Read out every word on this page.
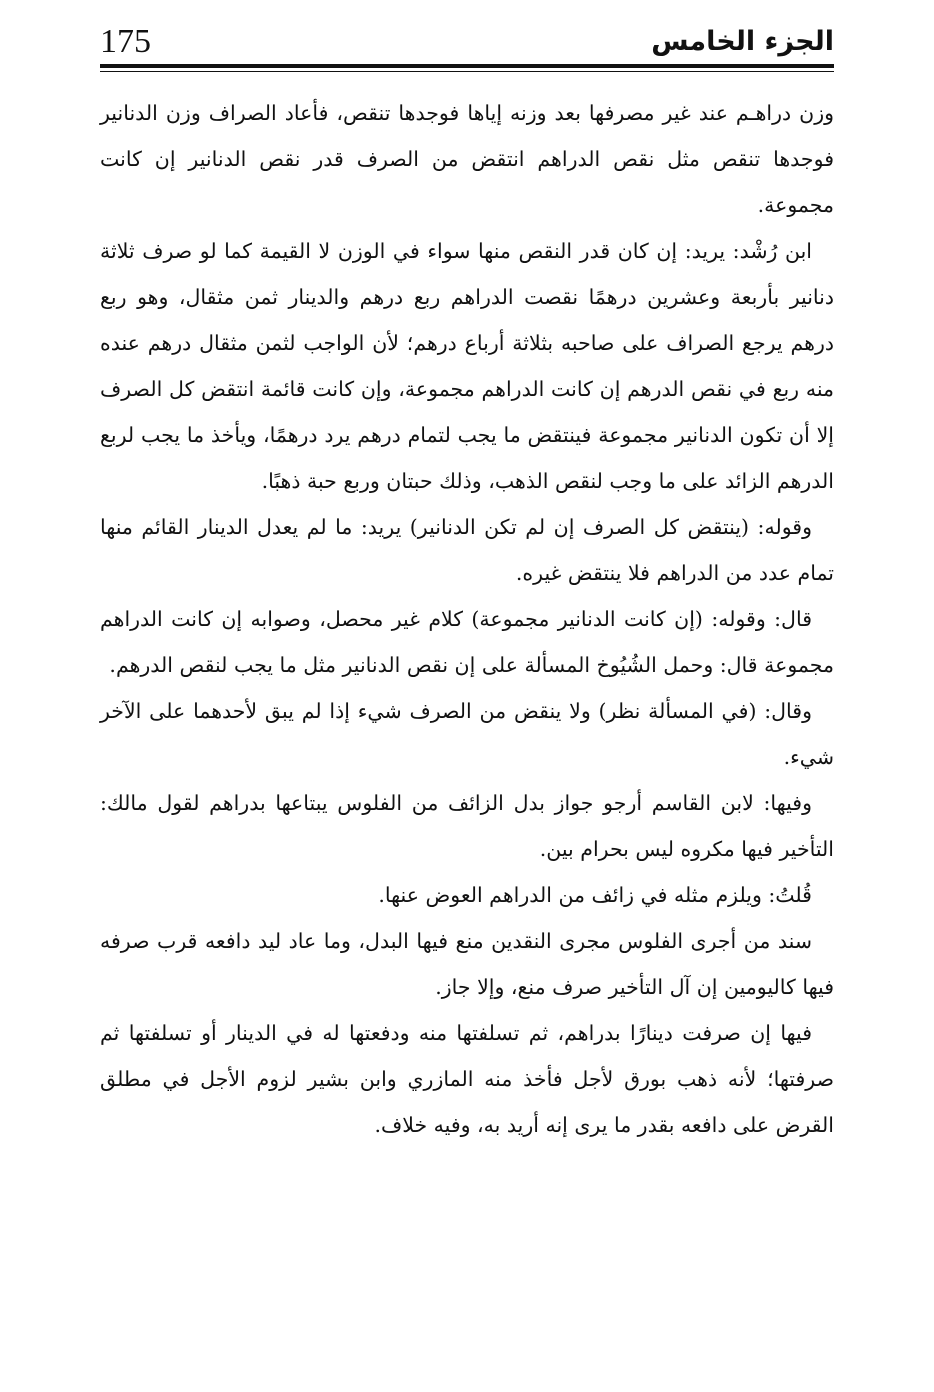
175	الجزء الخامس

وزن دراهـم عند غير مصرفها بعد وزنه إياها فوجدها تنقص، فأعاد الصراف وزن الدنانير فوجدها تنقص مثل نقص الدراهم انتقض من الصرف قدر نقص الدنانير إن كانت مجموعة.

ابن رُشْد: يريد: إن كان قدر النقص منها سواء في الوزن لا القيمة كما لو صرف ثلاثة دنانير بأربعة وعشرين درهمًا نقصت الدراهم ربع درهم والدينار ثمن مثقال، وهو ربع درهم يرجع الصراف على صاحبه بثلاثة أرباع درهم؛ لأن الواجب لثمن مثقال درهم عنده منه ربع في نقص الدرهم إن كانت الدراهم مجموعة، وإن كانت قائمة انتقض كل الصرف إلا أن تكون الدنانير مجموعة فينتقض ما يجب لتمام درهم يرد درهمًا، ويأخذ ما يجب لربع الدرهم الزائد على ما وجب لنقص الذهب، وذلك حبتان وربع حبة ذهبًا.

وقوله: (ينتقض كل الصرف إن لم تكن الدنانير) يريد: ما لم يعدل الدينار القائم منها تمام عدد من الدراهم فلا ينتقض غيره.

قال: وقوله: (إن كانت الدنانير مجموعة) كلام غير محصل، وصوابه إن كانت الدراهم مجموعة قال: وحمل الشُيُوخ المسألة على إن نقص الدنانير مثل ما يجب لنقص الدرهم.

وقال: (في المسألة نظر) ولا ينقض من الصرف شيء إذا لم يبق لأحدهما على الآخر شيء.

وفيها: لابن القاسم أرجو جواز بدل الزائف من الفلوس يبتاعها بدراهم لقول مالك: التأخير فيها مكروه ليس بحرام بين.

قُلتُ: ويلزم مثله في زائف من الدراهم العوض عنها.

سند من أجرى الفلوس مجرى النقدين منع فيها البدل، وما عاد ليد دافعه قرب صرفه فيها كاليومين إن آل التأخير صرف منع، وإلا جاز.

فيها إن صرفت دينارًا بدراهم، ثم تسلفتها منه ودفعتها له في الدينار أو تسلفتها ثم صرفتها؛ لأنه ذهب بورق لأجل فأخذ منه المازري وابن بشير لزوم الأجل في مطلق القرض على دافعه بقدر ما يرى إنه أريد به، وفيه خلاف.
